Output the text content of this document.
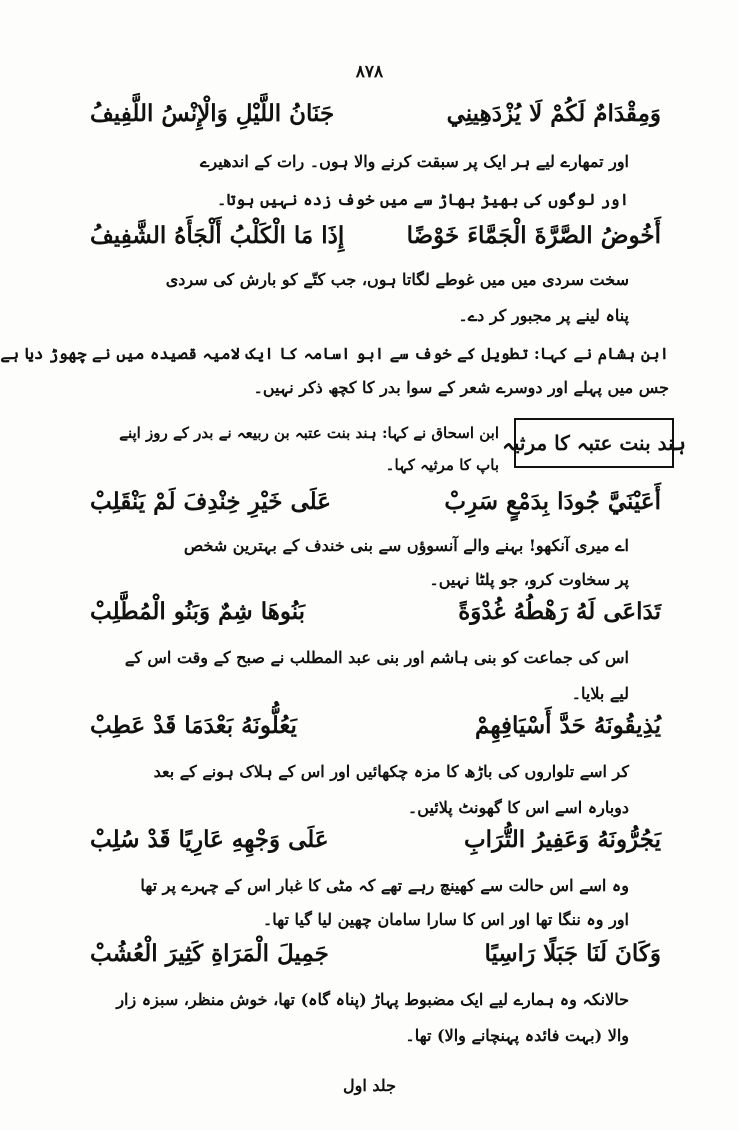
۸۷۸
وَمِقْدَامٌ لَكُمْ لَا يُزْدَهِينِي
جَنَانُ اللَّيْلِ وَالْإِنْسُ اللَّفِيفُ
اور تمھارے لیے ہر ایک پر سبقت کرنے والا ہوں۔ رات کے اندھیرے
اور لوگوں کی بھیڑ بھاڑ سے میں خوف زدہ نہیں ہوتا۔
أَخُوضُ الصَّرَّةَ الْجَمَّاءَ خَوْضًا
إِذَا مَا الْكَلْبُ أَلْجَأَهُ الشَّفِيفُ
سخت سردی میں میں غوطے لگاتا ہوں، جب کتّے کو بارش کی سردی
پناہ لینے پر مجبور کر دے۔
ابن ہشام نے کہا: تطویل کے خوف سے ابو اسامہ کا ایک لامیہ قصیدہ میں نے چھوڑ دیا ہے
جس میں پہلے اور دوسرے شعر کے سوا بدر کا کچھ ذکر نہیں۔
ہند بنت عتبہ کا مرثیہ
ابن اسحاق نے کہا: ہند بنت عتبہ بن ربیعہ نے بدر کے روز اپنے
باپ کا مرثیہ کہا۔
أَعَيْنَيَّ جُودَا بِدَمْعٍ سَرِبْ
عَلَى خَيْرِ خِنْدِفَ لَمْ يَنْقَلِبْ
اے میری آنکھو! بہنے والے آنسوؤں سے بنی خندف کے بہترین شخص
پر سخاوت کرو، جو پلٹا نہیں۔
تَدَاعَى لَهُ رَهْطُهُ غُدْوَةً
بَنُوهَا شِمٌ وَبَنُو الْمُطَّلِبْ
اس کی جماعت کو بنی ہاشم اور بنی عبد المطلب نے صبح کے وقت اس کے
لیے بلایا۔
يُذِيقُونَهُ حَدَّ أَسْيَافِهِمْ
يَعُلُّونَهُ بَعْدَمَا قَدْ عَطِبْ
کر اسے تلواروں کی باڑھ کا مزہ چکھائیں اور اس کے ہلاک ہونے کے بعد
دوبارہ اسے اس کا گھونٹ پلائیں۔
يَجُرُّونَهُ وَعَفِيرُ التُّرَابِ
عَلَى وَجْهِهِ عَارِيًا قَدْ سُلِبْ
وہ اسے اس حالت سے کھینچ رہے تھے کہ مٹی کا غبار اس کے چہرے پر تھا
اور وہ ننگا تھا اور اس کا سارا سامان چھین لیا گیا تھا۔
وَكَانَ لَنَا جَبَلًا رَاسِيًا
جَمِيلَ الْمَرَاةِ كَثِيرَ الْعُشُبْ
حالانکہ وہ ہمارے لیے ایک مضبوط پہاڑ (پناہ گاہ) تھا، خوش منظر، سبزہ زار
والا (بہت فائدہ پہنچانے والا) تھا۔
جلد اول
